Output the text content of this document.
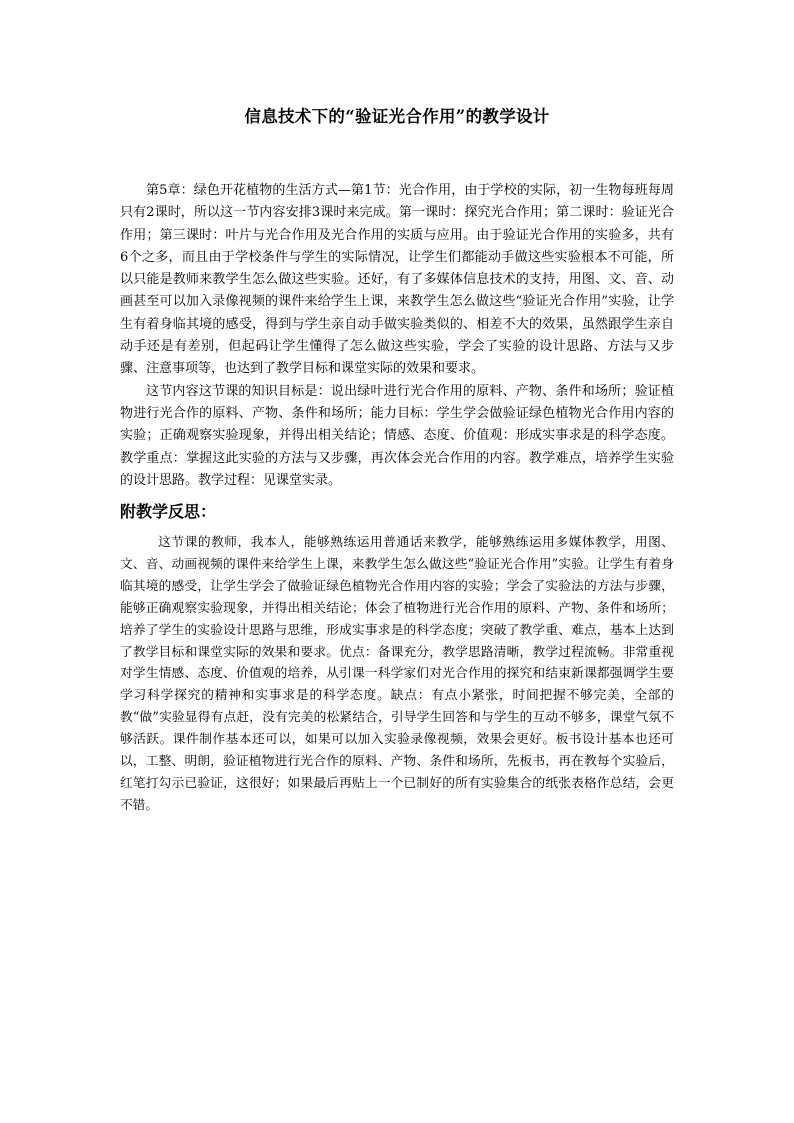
信息技术下的“验证光合作用”的教学设计

第5章：绿色开花植物的生活方式—第1节：光合作用，由于学校的实际，初一生物每班每周只有2课时，所以这一节内容安排3课时来完成。第一课时：探究光合作用；第二课时：验证光合作用；第三课时：叶片与光合作用及光合作用的实质与应用。由于验证光合作用的实验多，共有6个之多，而且由于学校条件与学生的实际情况，让学生们都能动手做这些实验根本不可能，所以只能是教师来教学生怎么做这些实验。还好，有了多媒体信息技术的支持，用图、文、音、动画甚至可以加入录像视频的课件来给学生上课，来教学生怎么做这些“验证光合作用”实验，让学生有着身临其境的感受，得到与学生亲自动手做实验类似的、相差不大的效果，虽然跟学生亲自动手还是有差别，但起码让学生懂得了怎么做这些实验，学会了实验的设计思路、方法与又步骤、注意事项等，也达到了教学目标和课堂实际的效果和要求。

这节内容这节课的知识目标是：说出绿叶进行光合作用的原料、产物、条件和场所；验证植物进行光合作的原料、产物、条件和场所；能力目标：学生学会做验证绿色植物光合作用内容的实验；正确观察实验现象，并得出相关结论；情感、态度、价值观：形成实事求是的科学态度。教学重点：掌握这此实验的方法与又步骤，再次体会光合作用的内容。教学难点，培养学生实验的设计思路。教学过程：见课堂实录。

附教学反思：

这节课的教师，我本人，能够熟练运用普通话来教学，能够熟练运用多媒体教学，用图、文、音、动画视频的课件来给学生上课，来教学生怎么做这些“验证光合作用”实验。让学生有着身临其境的感受，让学生学会了做验证绿色植物光合作用内容的实验；学会了实验法的方法与步骤，能够正确观察实验现象，并得出相关结论；体会了植物进行光合作用的原料、产物、条件和场所；培养了学生的实验设计思路与思维，形成实事求是的科学态度；突破了教学重、难点，基本上达到了教学目标和课堂实际的效果和要求。优点：备课充分，教学思路清晰，教学过程流畅。非常重视对学生情感、态度、价值观的培养，从引课一科学家们对光合作用的探究和结束新课都强调学生要学习科学探究的精神和实事求是的科学态度。缺点：有点小紧张，时间把握不够完美，全部的教“做”实验显得有点赶，没有完美的松紧结合，引导学生回答和与学生的互动不够多，课堂气氛不够活跃。课件制作基本还可以，如果可以加入实验录像视频，效果会更好。板书设计基本也还可以，工整、明朗，验证植物进行光合作的原料、产物、条件和场所，先板书，再在教每个实验后，红笔打勾示已验证，这很好；如果最后再贴上一个已制好的所有实验集合的纸张表格作总结，会更不错。
